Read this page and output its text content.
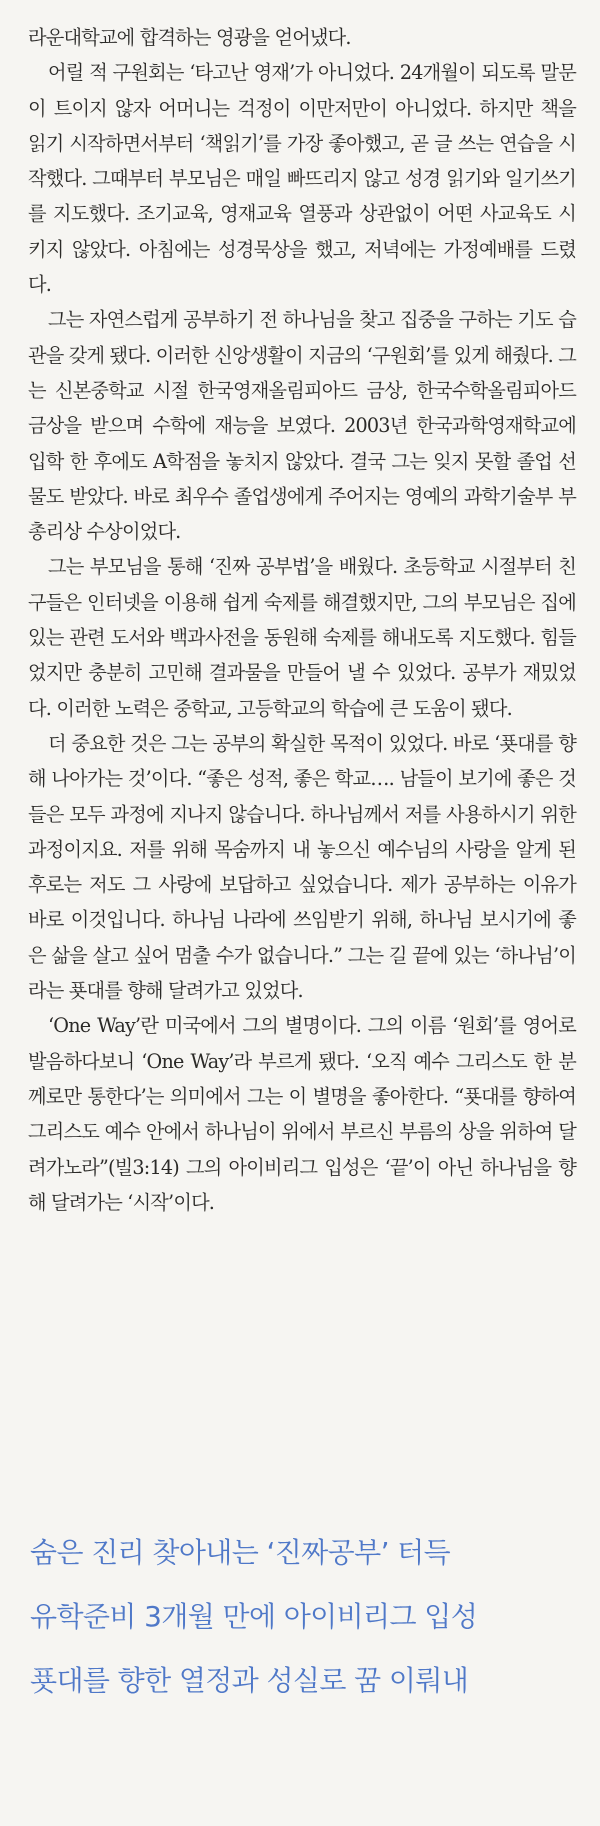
라운대학교에 합격하는 영광을 얻어냈다.

어릴 적 구원회는 ‘타고난 영재’가 아니었다. 24개월이 되도록 말문이 트이지 않자 어머니는 걱정이 이만저만이 아니었다. 하지만 책을 읽기 시작하면서부터 ‘책읽기’를 가장 좋아했고, 곧 글 쓰는 연습을 시작했다. 그때부터 부모님은 매일 빠뜨리지 않고 성경 읽기와 일기쓰기를 지도했다. 조기교육, 영재교육 열풍과 상관없이 어떤 사교육도 시키지 않았다. 아침에는 성경묵상을 했고, 저녁에는 가정예배를 드렸다.

그는 자연스럽게 공부하기 전 하나님을 찾고 집중을 구하는 기도 습관을 갖게 됐다. 이러한 신앙생활이 지금의 ‘구원회’를 있게 해줬다. 그는 신본중학교 시절 한국영재올림피아드 금상, 한국수학올림피아드 금상을 받으며 수학에 재능을 보였다. 2003년 한국과학영재학교에 입학 한 후에도 A학점을 놓치지 않았다. 결국 그는 잊지 못할 졸업 선물도 받았다. 바로 최우수 졸업생에게 주어지는 영예의 과학기술부 부총리상 수상이었다.

그는 부모님을 통해 ‘진짜 공부법’을 배웠다. 초등학교 시절부터 친구들은 인터넷을 이용해 쉽게 숙제를 해결했지만, 그의 부모님은 집에 있는 관련 도서와 백과사전을 동원해 숙제를 해내도록 지도했다. 힘들었지만 충분히 고민해 결과물을 만들어 낼 수 있었다. 공부가 재밌었다. 이러한 노력은 중학교, 고등학교의 학습에 큰 도움이 됐다.

더 중요한 것은 그는 공부의 확실한 목적이 있었다. 바로 ‘푯대를 향해 나아가는 것’이다. “좋은 성적, 좋은 학교…. 남들이 보기에 좋은 것들은 모두 과정에 지나지 않습니다. 하나님께서 저를 사용하시기 위한 과정이지요. 저를 위해 목숨까지 내 놓으신 예수님의 사랑을 알게 된 후로는 저도 그 사랑에 보답하고 싶었습니다. 제가 공부하는 이유가 바로 이것입니다. 하나님 나라에 쓰임받기 위해, 하나님 보시기에 좋은 삶을 살고 싶어 멈출 수가 없습니다.” 그는 길 끝에 있는 ‘하나님’이라는 푯대를 향해 달려가고 있었다.

‘One Way’란 미국에서 그의 별명이다. 그의 이름 ‘원회’를 영어로 발음하다보니 ‘One Way’라 부르게 됐다. ‘오직 예수 그리스도 한 분께로만 통한다’는 의미에서 그는 이 별명을 좋아한다. “푯대를 향하여 그리스도 예수 안에서 하나님이 위에서 부르신 부름의 상을 위하여 달려가노라”(빌3:14) 그의 아이비리그 입성은 ‘끝’이 아닌 하나님을 향해 달려가는 ‘시작’이다.

숨은 진리 찾아내는 ‘진짜공부’ 터득

유학준비 3개월 만에 아이비리그 입성

푯대를 향한 열정과 성실로 꿈 이뤄내
